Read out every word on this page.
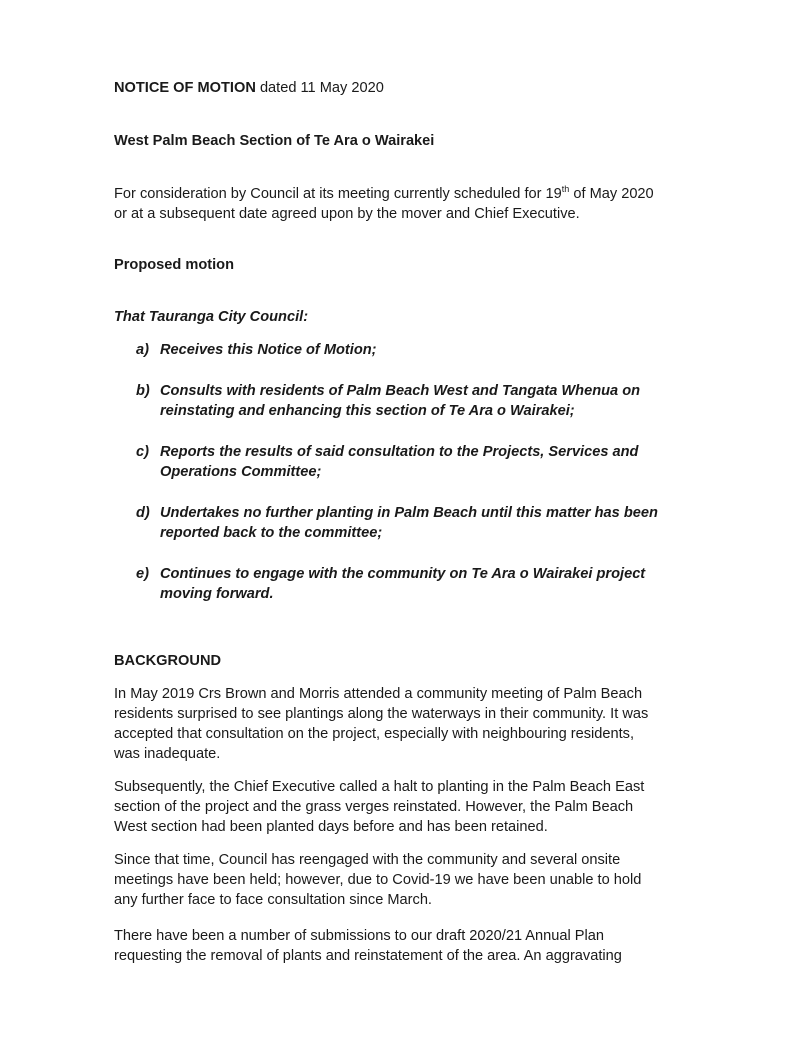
NOTICE OF MOTION dated 11 May 2020
West Palm Beach Section of Te Ara o Wairakei
For consideration by Council at its meeting currently scheduled for 19th of May 2020
or at a subsequent date agreed upon by the mover and Chief Executive.
Proposed motion
That Tauranga City Council:
a) Receives this Notice of Motion;
b) Consults with residents of Palm Beach West and Tangata Whenua on
reinstating and enhancing this section of Te Ara o Wairakei;
c) Reports the results of said consultation to the Projects, Services and
Operations Committee;
d) Undertakes no further planting in Palm Beach until this matter has been
reported back to the committee;
e) Continues to engage with the community on Te Ara o Wairakei project
moving forward.
BACKGROUND
In May 2019 Crs Brown and Morris attended a community meeting of Palm Beach
residents surprised to see plantings along the waterways in their community. It was
accepted that consultation on the project, especially with neighbouring residents,
was inadequate.
Subsequently, the Chief Executive called a halt to planting in the Palm Beach East
section of the project and the grass verges reinstated. However, the Palm Beach
West section had been planted days before and has been retained.
Since that time, Council has reengaged with the community and several onsite
meetings have been held; however, due to Covid-19 we have been unable to hold
any further face to face consultation since March.
There have been a number of submissions to our draft 2020/21 Annual Plan
requesting the removal of plants and reinstatement of the area. An aggravating
